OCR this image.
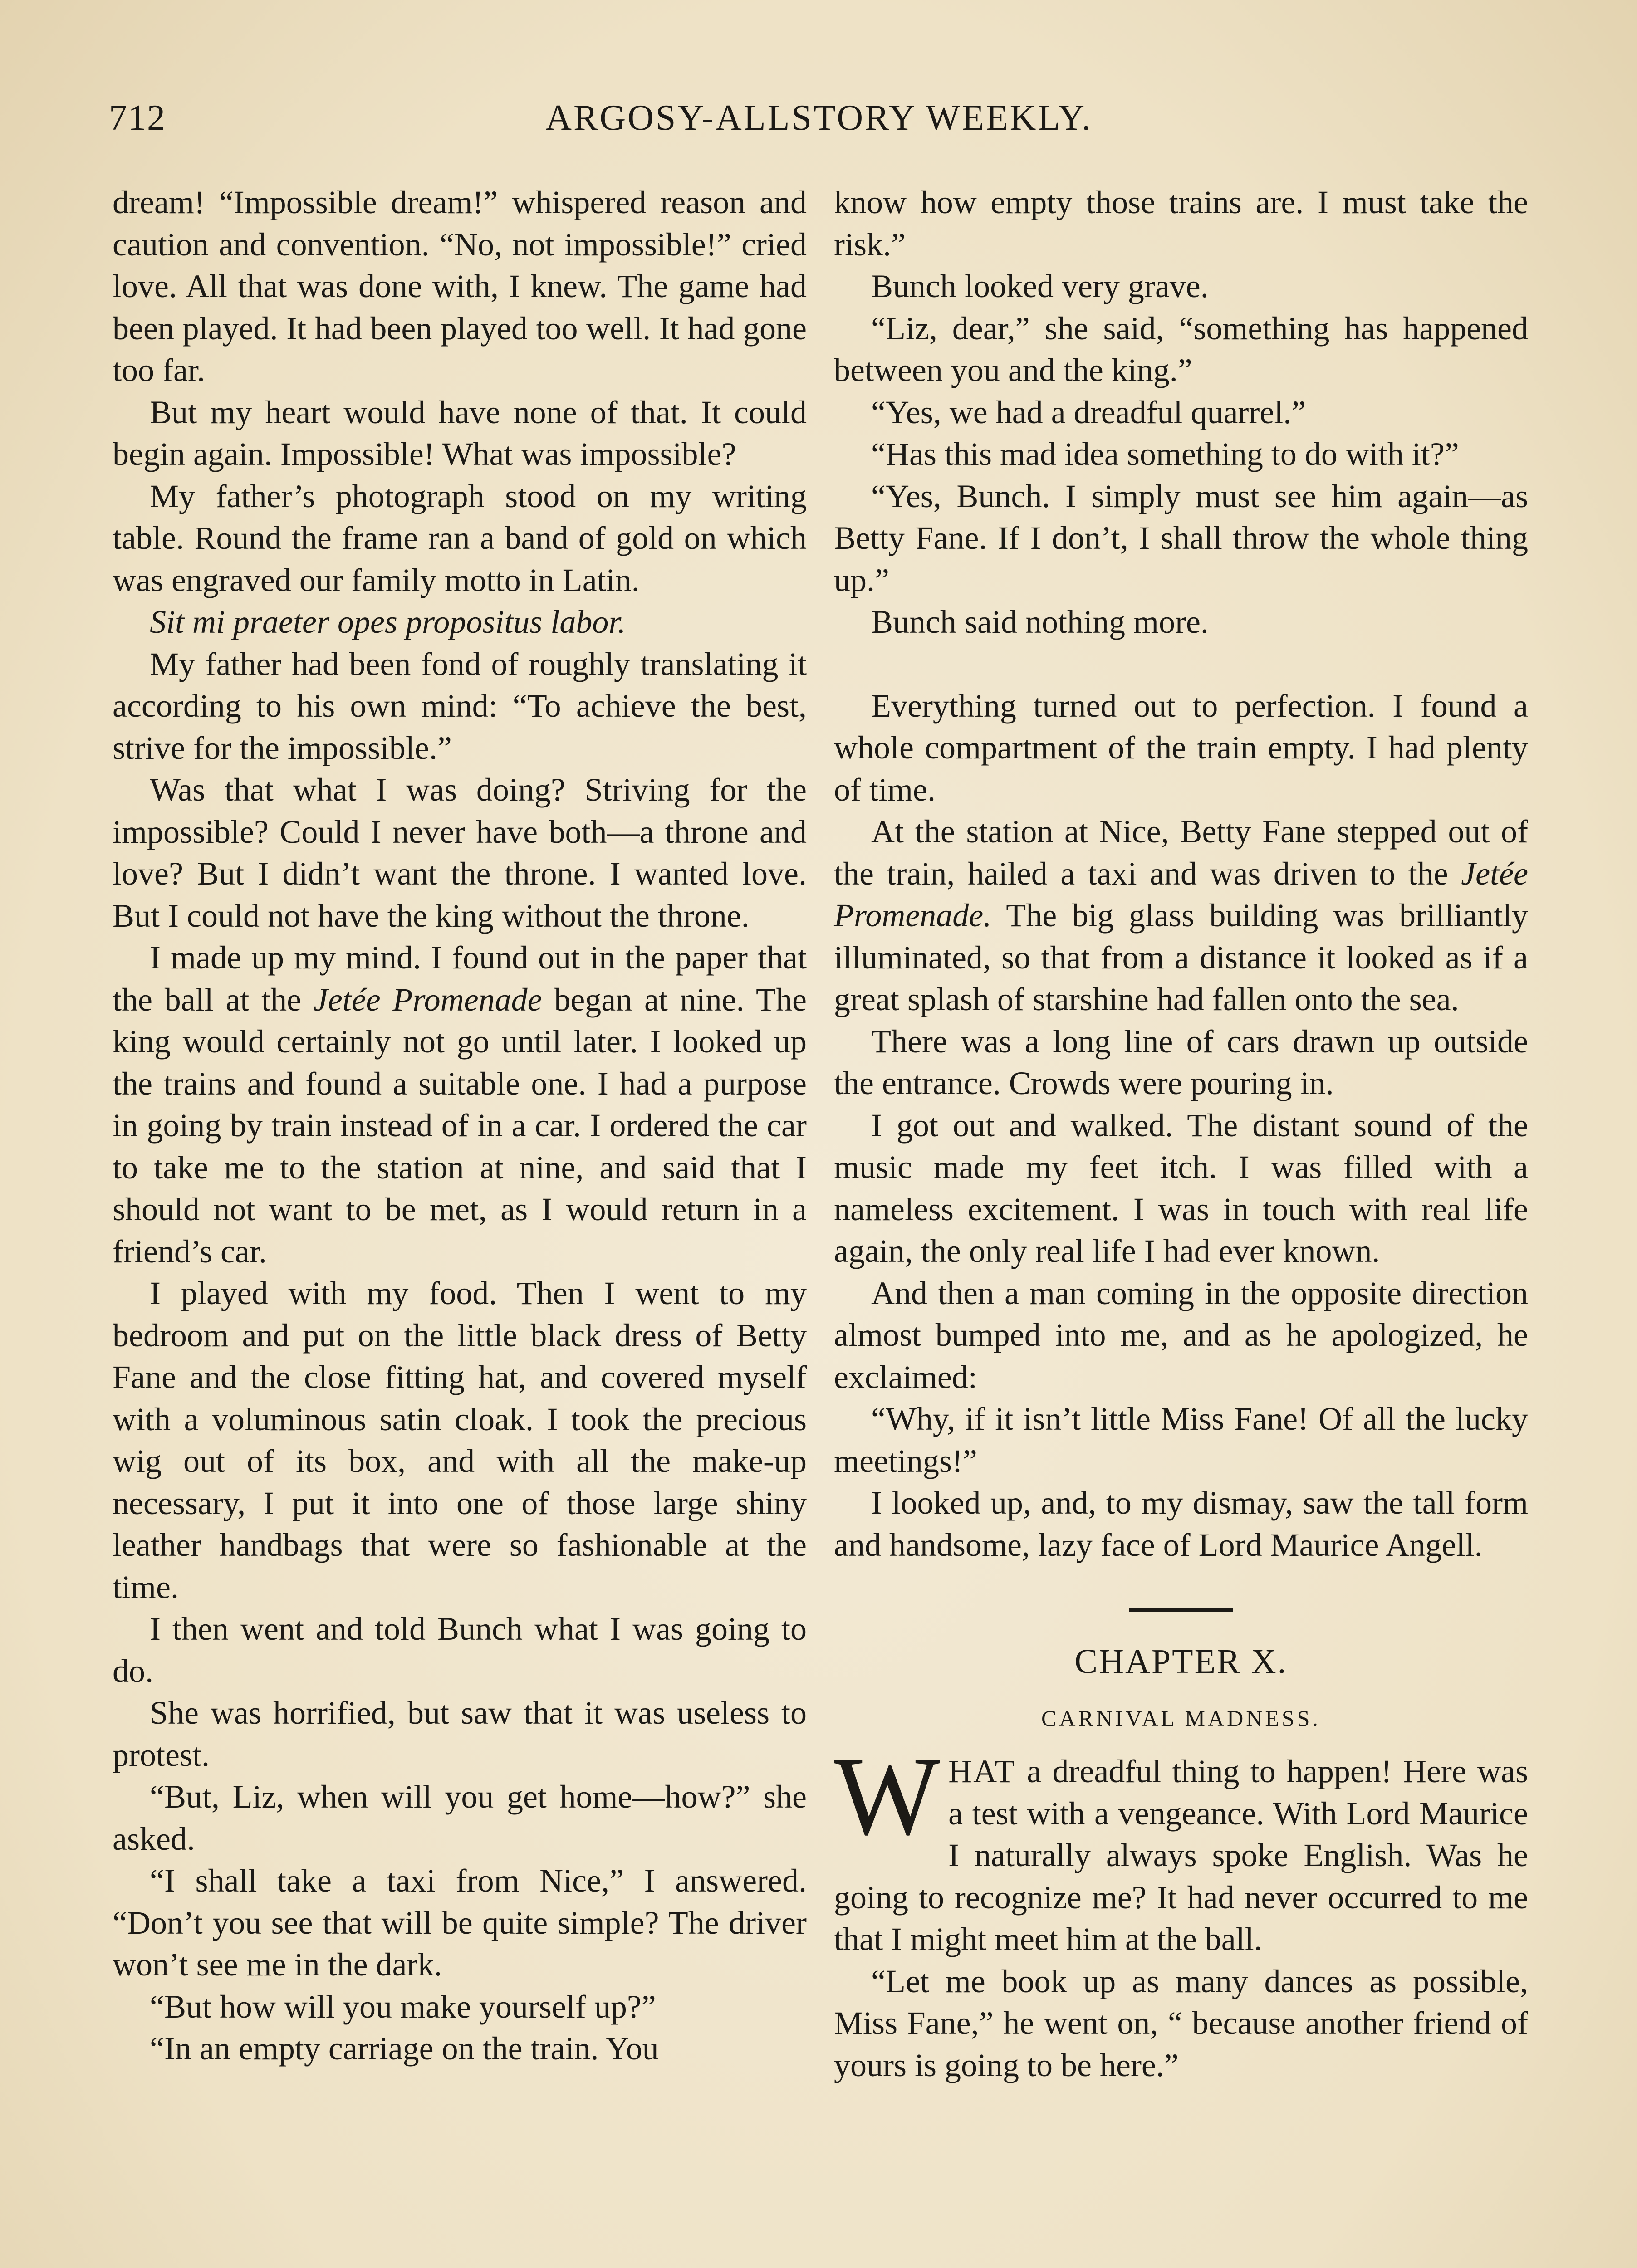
712	ARGOSY-ALLSTORY WEEKLY.

dream! “Impossible dream!” whispered reason and caution and convention. “No, not impossible!” cried love. All that was done with, I knew. The game had been played. It had been played too well. It had gone too far.

But my heart would have none of that. It could begin again. Impossible! What was impossible?

My father’s photograph stood on my writing table. Round the frame ran a band of gold on which was engraved our family motto in Latin.

Sit mi praeter opes propositus labor.

My father had been fond of roughly translating it according to his own mind: “To achieve the best, strive for the impossible.”

Was that what I was doing? Striving for the impossible? Could I never have both—a throne and love? But I didn’t want the throne. I wanted love. But I could not have the king without the throne.

I made up my mind. I found out in the paper that the ball at the Jetée Promenade began at nine. The king would certainly not go until later. I looked up the trains and found a suitable one. I had a purpose in going by train instead of in a car. I ordered the car to take me to the station at nine, and said that I should not want to be met, as I would return in a friend’s car.

I played with my food. Then I went to my bedroom and put on the little black dress of Betty Fane and the close fitting hat, and covered myself with a voluminous satin cloak. I took the precious wig out of its box, and with all the make-up necessary, I put it into one of those large shiny leather handbags that were so fashionable at the time.

I then went and told Bunch what I was going to do.

She was horrified, but saw that it was useless to protest.

“But, Liz, when will you get home—how?” she asked.

“I shall take a taxi from Nice,” I answered. “Don’t you see that will be quite simple? The driver won’t see me in the dark.

“But how will you make yourself up?”

“In an empty carriage on the train. You

know how empty those trains are. I must take the risk.”

Bunch looked very grave.

“Liz, dear,” she said, “something has happened between you and the king.”

“Yes, we had a dreadful quarrel.”

“Has this mad idea something to do with it?”

“Yes, Bunch. I simply must see him again—as Betty Fane. If I don’t, I shall throw the whole thing up.”

Bunch said nothing more.

Everything turned out to perfection. I found a whole compartment of the train empty. I had plenty of time.

At the station at Nice, Betty Fane stepped out of the train, hailed a taxi and was driven to the Jetée Promenade. The big glass building was brilliantly illuminated, so that from a distance it looked as if a great splash of starshine had fallen onto the sea.

There was a long line of cars drawn up outside the entrance. Crowds were pouring in.

I got out and walked. The distant sound of the music made my feet itch. I was filled with a nameless excitement. I was in touch with real life again, the only real life I had ever known.

And then a man coming in the opposite direction almost bumped into me, and as he apologized, he exclaimed:

“Why, if it isn’t little Miss Fane! Of all the lucky meetings!”

I looked up, and, to my dismay, saw the tall form and handsome, lazy face of Lord Maurice Angell.

CHAPTER X.
CARNIVAL MADNESS.

WHAT a dreadful thing to happen! Here was a test with a vengeance. With Lord Maurice I naturally always spoke English. Was he going to recognize me? It had never occurred to me that I might meet him at the ball.

“Let me book up as many dances as possible, Miss Fane,” he went on, “ because another friend of yours is going to be here.”
